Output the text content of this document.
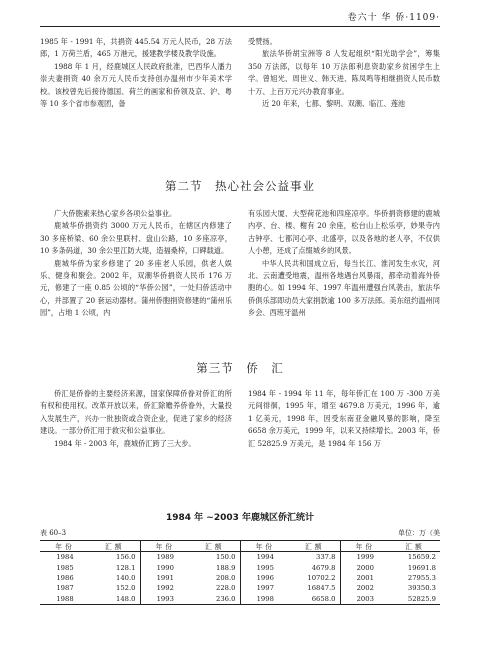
卷六十 华 侨·1109·

1985 年 - 1991 年，共捐资 445.54 万元人民币，28 万法郎，1 万荷兰盾，465 万港元，援建教学楼及教学设施。

1988 年 1 月，经鹿城区人民政府批准，巴西华人潘力崇夫妻捐资 40 余万元人民币支持创办温州市少年美术学校。该校曾先后接待德国、荷兰的画家和侨领及京、沪、粤等 10 多个省市参观团，备

受赞扬。

旅法华侨胡宝洲等 8 人发起组织“阳光助学会”，筹集 350 万法郎，以每年 10 万法郎利息资助家乡贫困学生上学。曾旭光、周世义、韩天进、陈凤鸣等相继捐资人民币数十万、上百万元兴办教育事业。

近 20 年来，七都、黎明、双潮、临江、莲池

第二节　热心社会公益事业

广大侨胞素来热心家乡各项公益事业。

鹿城华侨捐资约 3000 万元人民币，在辖区内修建了 30 多座桥梁、60 余公里联村、盘山公路，10 多座凉亭，10 多条码道，30 余公里江防大堤，造福桑梓，口碑载道。

鹿城华侨为家乡修建了 20 多座老人乐园，供老人娱乐、健身和聚会。2002 年，双潮华侨捐资人民币 176 万元，修建了一座 0.85 公顷的“华侨公园”，一处归侨活动中心，并部置了 20 套运动器材。蒲州侨胞捐资修建的“蒲州乐园”，占地 1 公顷，内

有乐园大厦、大型荷花池和四座凉亭。华侨捐资修建的鹿城内亭、台、楼、榭有 20 余座，松台山上松乐亭，妙果寺内古钟亭、七都河心亭、北盛亭，以及各地的老人亭，不仅供人小憩，还成了点缀城乡的风景。

中华人民共和国成立后，每当长江、淮河发生水灾，河北、云南遭受地震，温州各地遇台风暴雨，都牵动着海外侨胞的心。如 1994 年、1997 年温州遭强台风袭击，旅法华侨俱乐部即动员大家捐款逾 100 多万法郎。美东纽约温州同乡会、西班牙温州

第三节　侨　汇

侨汇是侨眷的主要经济来源，国家保障侨眷对侨汇的所有权和使用权。改革开放以来，侨汇除赡养侨眷外，大量投入发展生产，兴办一批独资或合资企业，促进了家乡的经济建设。一部分侨汇用于救灾和公益事业。

1984 年 - 2003 年，鹿城侨汇跨了三大步。

1984 年 - 1994 年 11 年，每年侨汇在 100 万 -300 万美元间徘徊，1995 年，增至 4679.8 万美元，1996 年，逾 1 亿美元，1998 年，因受东南亚金融风暴的影响，降至 6658 余万美元，1999 年，以来又持续增长。2003 年，侨汇 52825.9 万美元，是 1984 年 156 万

1984 年 ~2003 年鹿城区侨汇统计
表 60–3	单位：万（美
年份	汇额	年份	汇额	年份	汇额	年份	汇额
1984	156.0	1989	150.0	1994	337.8	1999	15659.2
1985	128.1	1990	188.9	1995	4679.8	2000	19691.8
1986	140.0	1991	208.0	1996	10702.2	2001	27955.3
1987	152.0	1992	228.0	1997	16847.5	2002	39350.3
1988	148.0	1993	236.0	1998	6658.0	2003	52825.9
